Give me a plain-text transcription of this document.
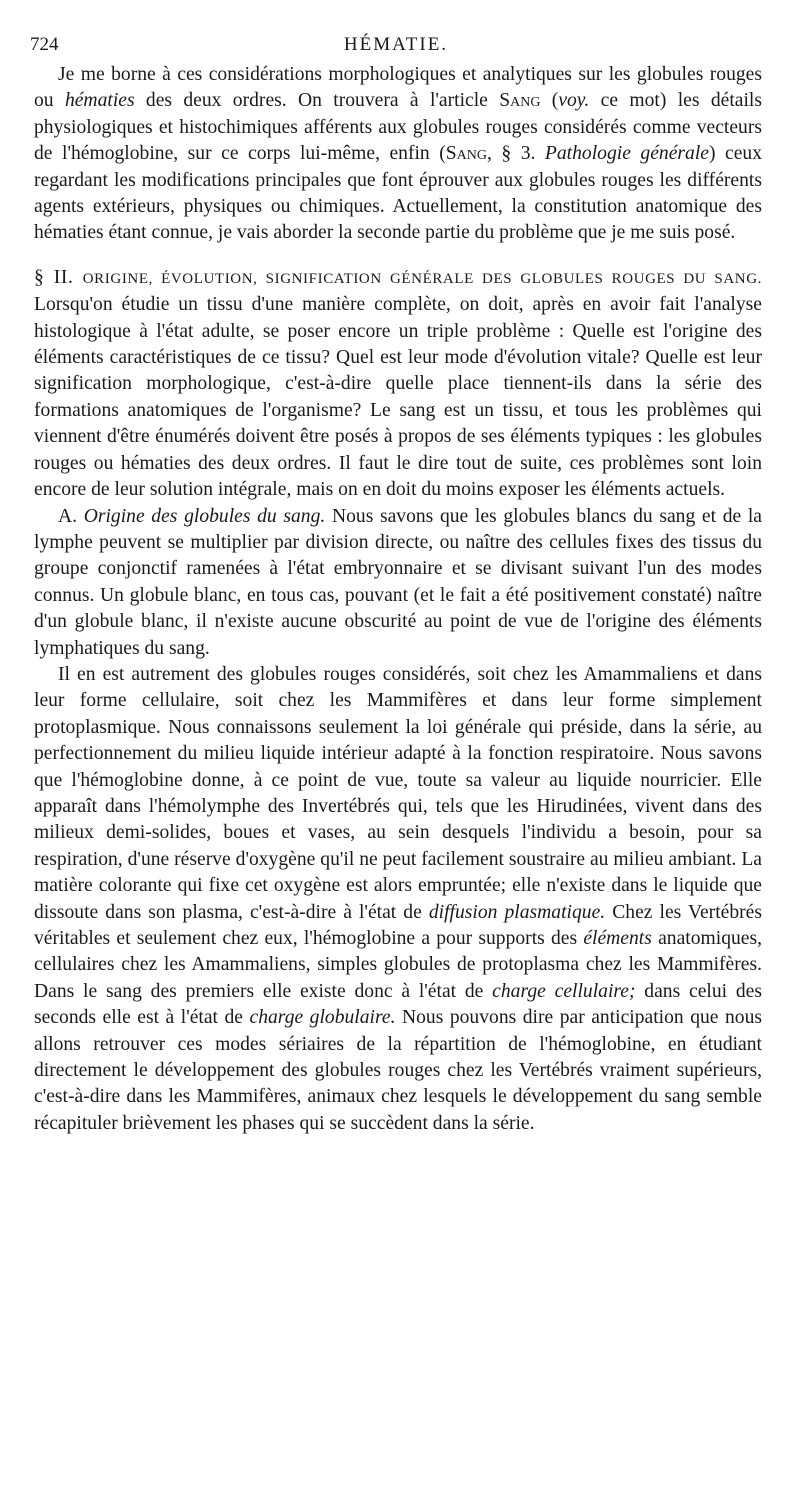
724	HÉMATIE.

Je me borne à ces considérations morphologiques et analytiques sur les globules rouges ou hématies des deux ordres. On trouvera à l'article Sang (voy. ce mot) les détails physiologiques et histochimiques afférents aux globules rouges considérés comme vecteurs de l'hémoglobine, sur ce corps lui-même, enfin (Sang, § 3. Pathologie générale) ceux regardant les modifications principales que font éprouver aux globules rouges les différents agents extérieurs, physiques ou chimiques. Actuellement, la constitution anatomique des hématies étant connue, je vais aborder la seconde partie du problème que je me suis posé.

§ II. ORIGINE, ÉVOLUTION, SIGNIFICATION GÉNÉRALE DES GLOBULES ROUGES DU SANG. Lorsqu'on étudie un tissu d'une manière complète, on doit, après en avoir fait l'analyse histologique à l'état adulte, se poser encore un triple problème : Quelle est l'origine des éléments caractéristiques de ce tissu? Quel est leur mode d'évolution vitale? Quelle est leur signification morphologique, c'est-à-dire quelle place tiennent-ils dans la série des formations anatomiques de l'organisme? Le sang est un tissu, et tous les problèmes qui viennent d'être énumérés doivent être posés à propos de ses éléments typiques : les globules rouges ou hématies des deux ordres. Il faut le dire tout de suite, ces problèmes sont loin encore de leur solution intégrale, mais on en doit du moins exposer les éléments actuels.

A. Origine des globules du sang. Nous savons que les globules blancs du sang et de la lymphe peuvent se multiplier par division directe, ou naître des cellules fixes des tissus du groupe conjonctif ramenées à l'état embryonnaire et se divisant suivant l'un des modes connus. Un globule blanc, en tous cas, pouvant (et le fait a été positivement constaté) naître d'un globule blanc, il n'existe aucune obscurité au point de vue de l'origine des éléments lymphatiques du sang.

Il en est autrement des globules rouges considérés, soit chez les Amammaliens et dans leur forme cellulaire, soit chez les Mammifères et dans leur forme simplement protoplasmique. Nous connaissons seulement la loi générale qui préside, dans la série, au perfectionnement du milieu liquide intérieur adapté à la fonction respiratoire. Nous savons que l'hémoglobine donne, à ce point de vue, toute sa valeur au liquide nourricier. Elle apparaît dans l'hémolymphe des Invertébrés qui, tels que les Hirudinées, vivent dans des milieux demi-solides, boues et vases, au sein desquels l'individu a besoin, pour sa respiration, d'une réserve d'oxygène qu'il ne peut facilement soustraire au milieu ambiant. La matière colorante qui fixe cet oxygène est alors empruntée; elle n'existe dans le liquide que dissoute dans son plasma, c'est-à-dire à l'état de diffusion plasmatique. Chez les Vertébrés véritables et seulement chez eux, l'hémoglobine a pour supports des éléments anatomiques, cellulaires chez les Amammaliens, simples globules de protoplasma chez les Mammifères. Dans le sang des premiers elle existe donc à l'état de charge cellulaire; dans celui des seconds elle est à l'état de charge globulaire. Nous pouvons dire par anticipation que nous allons retrouver ces modes sériaires de la répartition de l'hémoglobine, en étudiant directement le développement des globules rouges chez les Vertébrés vraiment supérieurs, c'est-à-dire dans les Mammifères, animaux chez lesquels le développement du sang semble récapituler brièvement les phases qui se succèdent dans la série.
